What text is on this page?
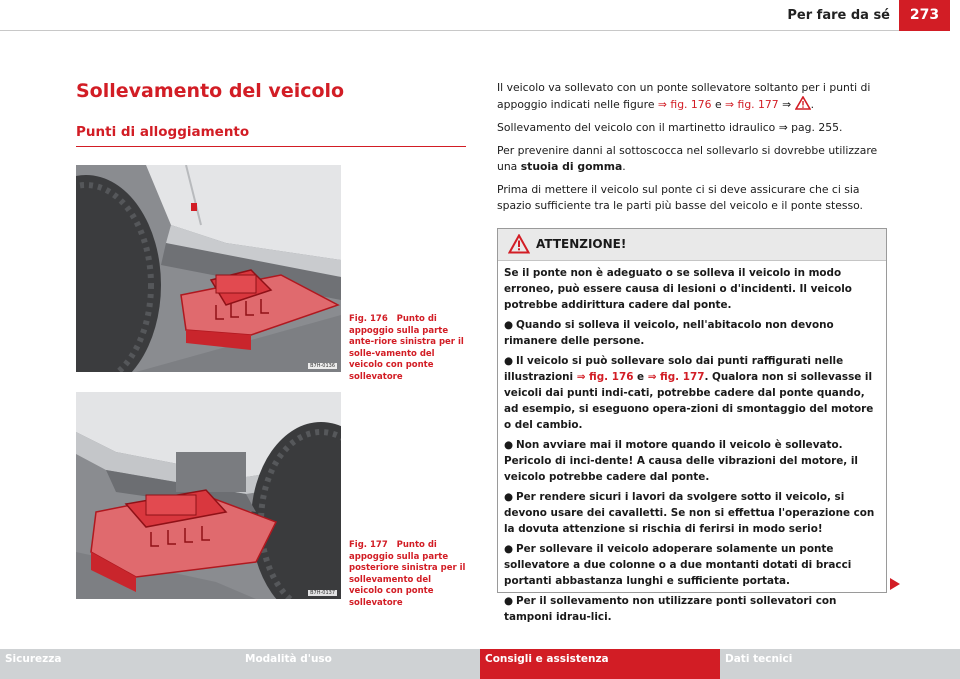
Per fare da sé	273
Sollevamento del veicolo
Punti di alloggiamento
B7H-0136
Fig. 176 Punto di appoggio sulla parte ante-riore sinistra per il solle-vamento del veicolo con ponte sollevatore
B7H-0137
Fig. 177 Punto di appoggio sulla parte posteriore sinistra per il sollevamento del veicolo con ponte sollevatore

Il veicolo va sollevato con un ponte sollevatore soltanto per i punti di appoggio indicati nelle figure ⇒ fig. 176 e ⇒ fig. 177 ⇒ .

Sollevamento del veicolo con il martinetto idraulico ⇒ pag. 255.

Per prevenire danni al sottoscocca nel sollevarlo si dovrebbe utilizzare una stuoia di gomma.

Prima di mettere il veicolo sul ponte ci si deve assicurare che ci sia spazio sufficiente tra le parti più basse del veicolo e il ponte stesso.

ATTENZIONE!

Se il ponte non è adeguato o se solleva il veicolo in modo erroneo, può essere causa di lesioni o d'incidenti. Il veicolo potrebbe addirittura cadere dal ponte.

● Quando si solleva il veicolo, nell'abitacolo non devono rimanere delle persone.

● Il veicolo si può sollevare solo dai punti raffigurati nelle illustrazioni ⇒ fig. 176 e ⇒ fig. 177. Qualora non si sollevasse il veicoli dai punti indi-cati, potrebbe cadere dal ponte quando, ad esempio, si eseguono opera-zioni di smontaggio del motore o del cambio.

● Non avviare mai il motore quando il veicolo è sollevato. Pericolo di inci-dente! A causa delle vibrazioni del motore, il veicolo potrebbe cadere dal ponte.

● Per rendere sicuri i lavori da svolgere sotto il veicolo, si devono usare dei cavalletti. Se non si effettua l'operazione con la dovuta attenzione si rischia di ferirsi in modo serio!

● Per sollevare il veicolo adoperare solamente un ponte sollevatore a due colonne o a due montanti dotati di bracci portanti abbastanza lunghi e sufficiente portata.

● Per il sollevamento non utilizzare ponti sollevatori con tamponi idrau-lici.

Sicurezza	Modalità d'uso	Consigli e assistenza	Dati tecnici
